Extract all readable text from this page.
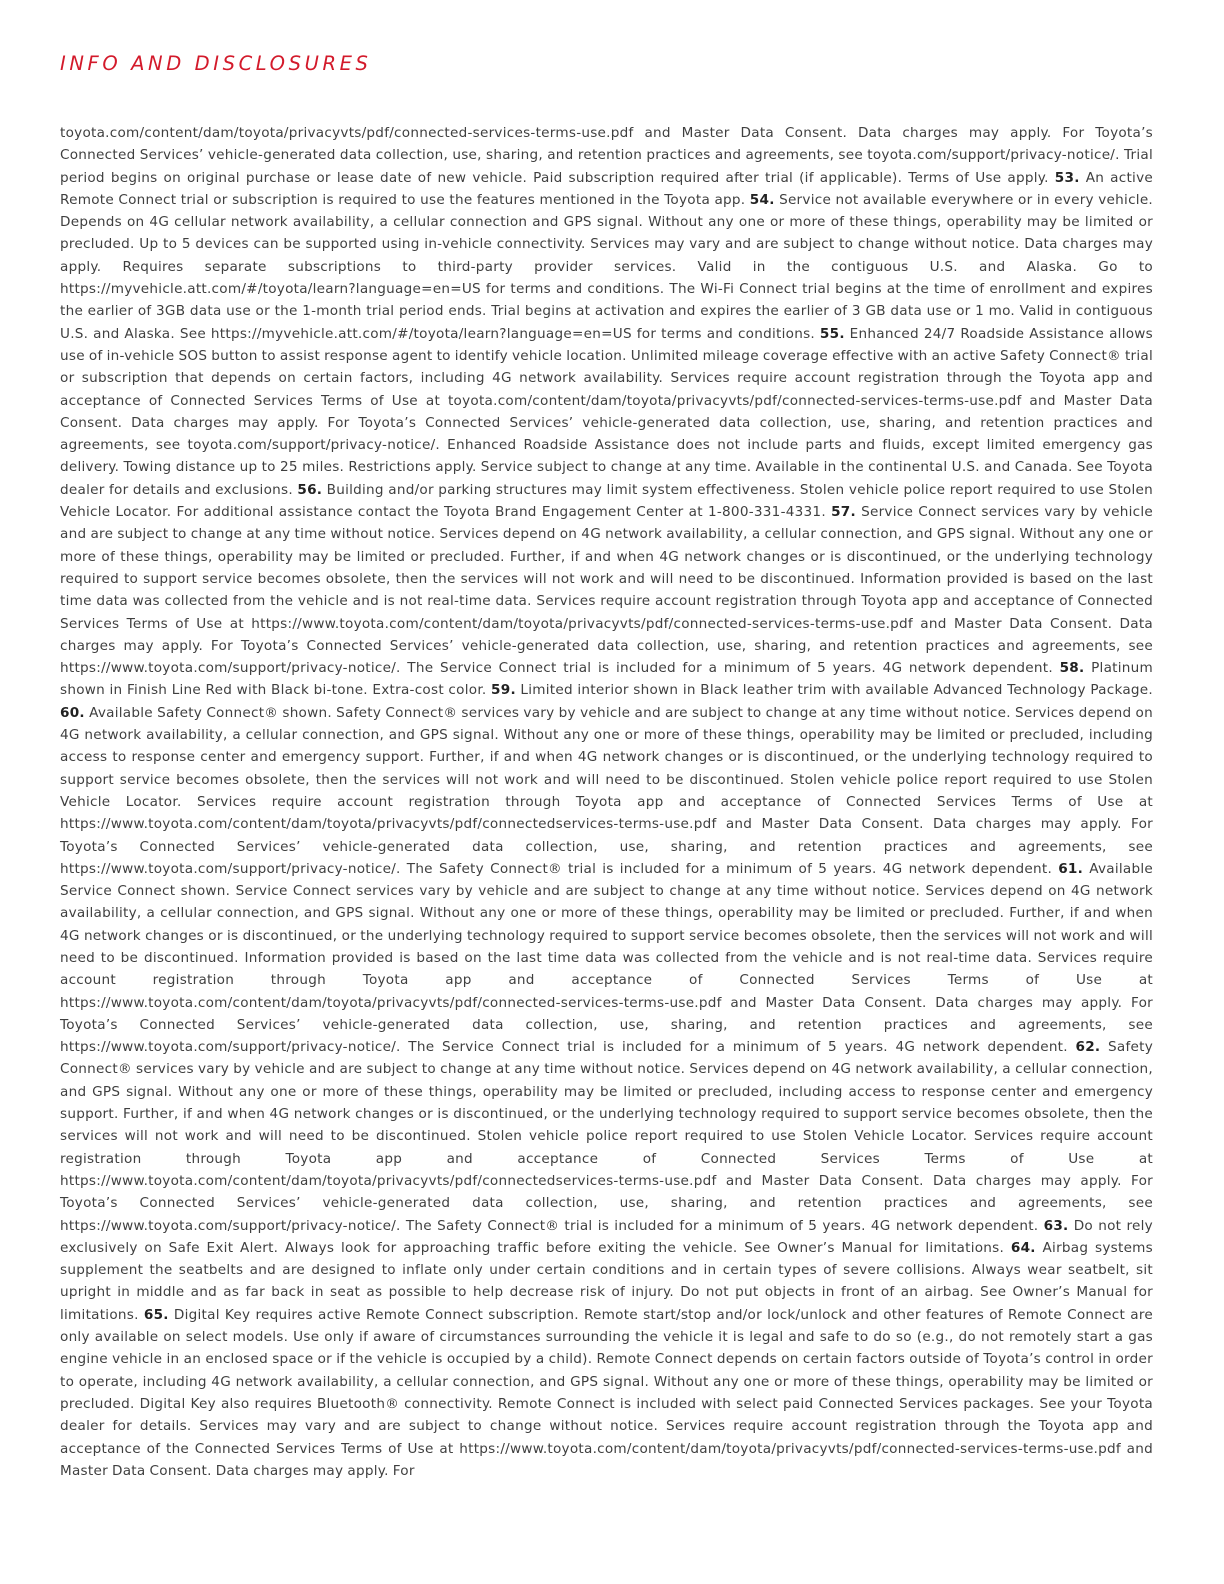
INFO AND DISCLOSURES

toyota.com/content/dam/toyota/privacyvts/pdf/connected-services-terms-use.pdf and Master Data Consent. Data charges may apply. For Toyota’s Connected Services’ vehicle-generated data collection, use, sharing, and retention practices and agreements, see toyota.com/support/privacy-notice/. Trial period begins on original purchase or lease date of new vehicle. Paid subscription required after trial (if applicable). Terms of Use apply. 53. An active Remote Connect trial or subscription is required to use the features mentioned in the Toyota app. 54. Service not available everywhere or in every vehicle. Depends on 4G cellular network availability, a cellular connection and GPS signal. Without any one or more of these things, operability may be limited or precluded. Up to 5 devices can be supported using in-vehicle connectivity. Services may vary and are subject to change without notice. Data charges may apply. Requires separate subscriptions to third-party provider services. Valid in the contiguous U.S. and Alaska. Go to https://myvehicle.att.com/#/toyota/learn?language=en=US for terms and conditions. The Wi-Fi Connect trial begins at the time of enrollment and expires the earlier of 3GB data use or the 1-month trial period ends. Trial begins at activation and expires the earlier of 3 GB data use or 1 mo. Valid in contiguous U.S. and Alaska. See https://myvehicle.att.com/#/toyota/learn?language=en=US for terms and conditions. 55. Enhanced 24/7 Roadside Assistance allows use of in-vehicle SOS button to assist response agent to identify vehicle location. Unlimited mileage coverage effective with an active Safety Connect® trial or subscription that depends on certain factors, including 4G network availability. Services require account registration through the Toyota app and acceptance of Connected Services Terms of Use at toyota.com/content/dam/toyota/privacyvts/pdf/connected-services-terms-use.pdf and Master Data Consent. Data charges may apply. For Toyota’s Connected Services’ vehicle-generated data collection, use, sharing, and retention practices and agreements, see toyota.com/support/privacy-notice/. Enhanced Roadside Assistance does not include parts and fluids, except limited emergency gas delivery. Towing distance up to 25 miles. Restrictions apply. Service subject to change at any time. Available in the continental U.S. and Canada. See Toyota dealer for details and exclusions. 56. Building and/or parking structures may limit system effectiveness. Stolen vehicle police report required to use Stolen Vehicle Locator. For additional assistance contact the Toyota Brand Engagement Center at 1-800-331-4331. 57. Service Connect services vary by vehicle and are subject to change at any time without notice. Services depend on 4G network availability, a cellular connection, and GPS signal. Without any one or more of these things, operability may be limited or precluded. Further, if and when 4G network changes or is discontinued, or the underlying technology required to support service becomes obsolete, then the services will not work and will need to be discontinued. Information provided is based on the last time data was collected from the vehicle and is not real-time data. Services require account registration through Toyota app and acceptance of Connected Services Terms of Use at https://www.toyota.com/content/dam/toyota/privacyvts/pdf/connected-services-terms-use.pdf and Master Data Consent. Data charges may apply. For Toyota’s Connected Services’ vehicle-generated data collection, use, sharing, and retention practices and agreements, see https://www.toyota.com/support/privacy-notice/. The Service Connect trial is included for a minimum of 5 years. 4G network dependent. 58. Platinum shown in Finish Line Red with Black bi-tone. Extra-cost color. 59. Limited interior shown in Black leather trim with available Advanced Technology Package. 60. Available Safety Connect® shown. Safety Connect® services vary by vehicle and are subject to change at any time without notice. Services depend on 4G network availability, a cellular connection, and GPS signal. Without any one or more of these things, operability may be limited or precluded, including access to response center and emergency support. Further, if and when 4G network changes or is discontinued, or the underlying technology required to support service becomes obsolete, then the services will not work and will need to be discontinued. Stolen vehicle police report required to use Stolen Vehicle Locator. Services require account registration through Toyota app and acceptance of Connected Services Terms of Use at https://www.toyota.com/content/dam/toyota/privacyvts/pdf/connectedservices-terms-use.pdf and Master Data Consent. Data charges may apply. For Toyota’s Connected Services’ vehicle-generated data collection, use, sharing, and retention practices and agreements, see https://www.toyota.com/support/privacy-notice/. The Safety Connect® trial is included for a minimum of 5 years. 4G network dependent. 61. Available Service Connect shown. Service Connect services vary by vehicle and are subject to change at any time without notice. Services depend on 4G network availability, a cellular connection, and GPS signal. Without any one or more of these things, operability may be limited or precluded. Further, if and when 4G network changes or is discontinued, or the underlying technology required to support service becomes obsolete, then the services will not work and will need to be discontinued. Information provided is based on the last time data was collected from the vehicle and is not real-time data. Services require account registration through Toyota app and acceptance of Connected Services Terms of Use at https://www.toyota.com/content/dam/toyota/privacyvts/pdf/connected-services-terms-use.pdf and Master Data Consent. Data charges may apply. For Toyota’s Connected Services’ vehicle-generated data collection, use, sharing, and retention practices and agreements, see https://www.toyota.com/support/privacy-notice/. The Service Connect trial is included for a minimum of 5 years. 4G network dependent. 62. Safety Connect® services vary by vehicle and are subject to change at any time without notice. Services depend on 4G network availability, a cellular connection, and GPS signal. Without any one or more of these things, operability may be limited or precluded, including access to response center and emergency support. Further, if and when 4G network changes or is discontinued, or the underlying technology required to support service becomes obsolete, then the services will not work and will need to be discontinued. Stolen vehicle police report required to use Stolen Vehicle Locator. Services require account registration through Toyota app and acceptance of Connected Services Terms of Use at https://www.toyota.com/content/dam/toyota/privacyvts/pdf/connectedservices-terms-use.pdf and Master Data Consent. Data charges may apply. For Toyota’s Connected Services’ vehicle-generated data collection, use, sharing, and retention practices and agreements, see https://www.toyota.com/support/privacy-notice/. The Safety Connect® trial is included for a minimum of 5 years. 4G network dependent. 63. Do not rely exclusively on Safe Exit Alert. Always look for approaching traffic before exiting the vehicle. See Owner’s Manual for limitations. 64. Airbag systems supplement the seatbelts and are designed to inflate only under certain conditions and in certain types of severe collisions. Always wear seatbelt, sit upright in middle and as far back in seat as possible to help decrease risk of injury. Do not put objects in front of an airbag. See Owner’s Manual for limitations. 65. Digital Key requires active Remote Connect subscription. Remote start/stop and/or lock/unlock and other features of Remote Connect are only available on select models. Use only if aware of circumstances surrounding the vehicle it is legal and safe to do so (e.g., do not remotely start a gas engine vehicle in an enclosed space or if the vehicle is occupied by a child). Remote Connect depends on certain factors outside of Toyota’s control in order to operate, including 4G network availability, a cellular connection, and GPS signal. Without any one or more of these things, operability may be limited or precluded. Digital Key also requires Bluetooth® connectivity. Remote Connect is included with select paid Connected Services packages. See your Toyota dealer for details. Services may vary and are subject to change without notice. Services require account registration through the Toyota app and acceptance of the Connected Services Terms of Use at https://www.toyota.com/content/dam/toyota/privacyvts/pdf/connected-services-terms-use.pdf and Master Data Consent. Data charges may apply. For
